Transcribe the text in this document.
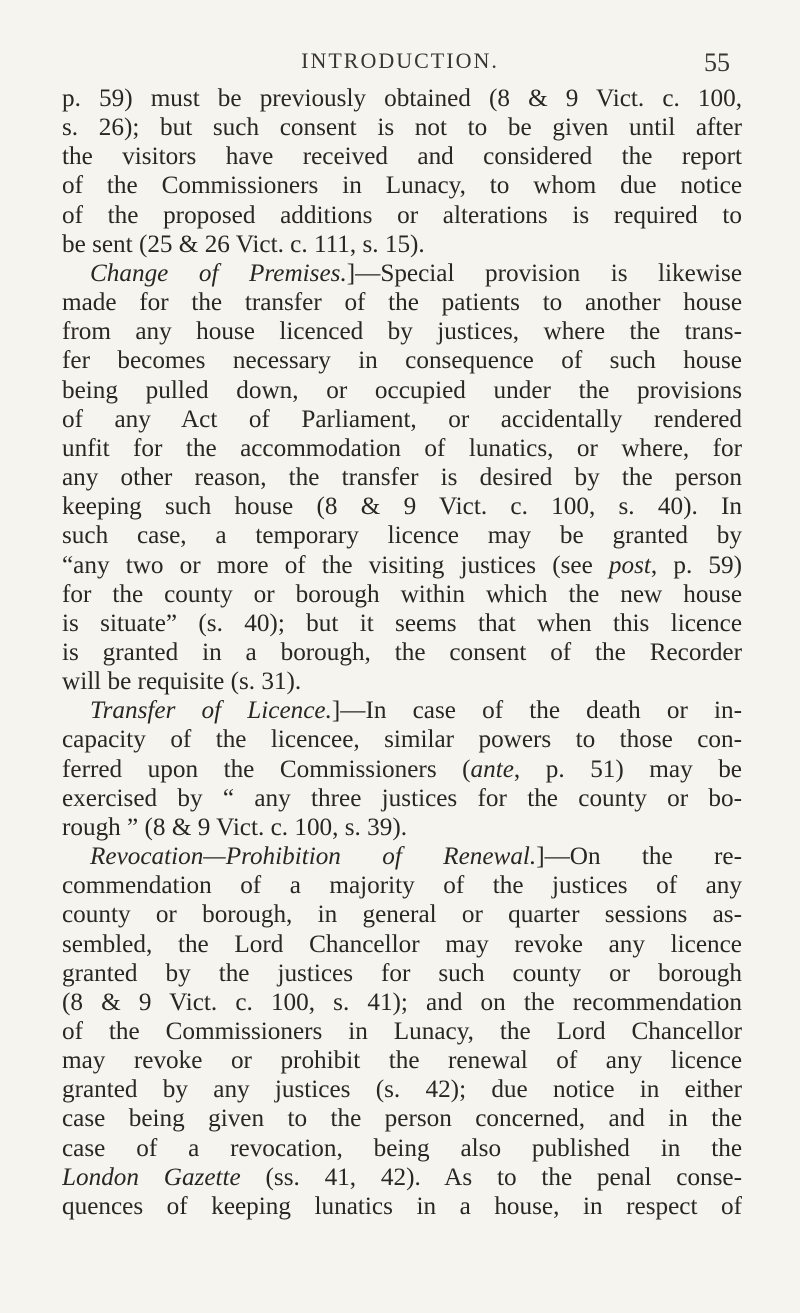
INTRODUCTION.	55
p. 59) must be previously obtained (8 & 9 Vict. c. 100,
s. 26); but such consent is not to be given until after
the visitors have received and considered the report
of the Commissioners in Lunacy, to whom due notice
of the proposed additions or alterations is required to
be sent (25 & 26 Vict. c. 111, s. 15).
Change of Premises.]—Special provision is likewise
made for the transfer of the patients to another house
from any house licenced by justices, where the trans-
fer becomes necessary in consequence of such house
being pulled down, or occupied under the provisions
of any Act of Parliament, or accidentally rendered
unfit for the accommodation of lunatics, or where, for
any other reason, the transfer is desired by the person
keeping such house (8 & 9 Vict. c. 100, s. 40). In
such case, a temporary licence may be granted by
“any two or more of the visiting justices (see post, p. 59)
for the county or borough within which the new house
is situate” (s. 40); but it seems that when this licence
is granted in a borough, the consent of the Recorder
will be requisite (s. 31).
Transfer of Licence.]—In case of the death or in-
capacity of the licencee, similar powers to those con-
ferred upon the Commissioners (ante, p. 51) may be
exercised by “ any three justices for the county or bo-
rough ” (8 & 9 Vict. c. 100, s. 39).
Revocation—Prohibition of Renewal.]—On the re-
commendation of a majority of the justices of any
county or borough, in general or quarter sessions as-
sembled, the Lord Chancellor may revoke any licence
granted by the justices for such county or borough
(8 & 9 Vict. c. 100, s. 41); and on the recommendation
of the Commissioners in Lunacy, the Lord Chancellor
may revoke or prohibit the renewal of any licence
granted by any justices (s. 42); due notice in either
case being given to the person concerned, and in the
case of a revocation, being also published in the
London Gazette (ss. 41, 42). As to the penal conse-
quences of keeping lunatics in a house, in respect of
